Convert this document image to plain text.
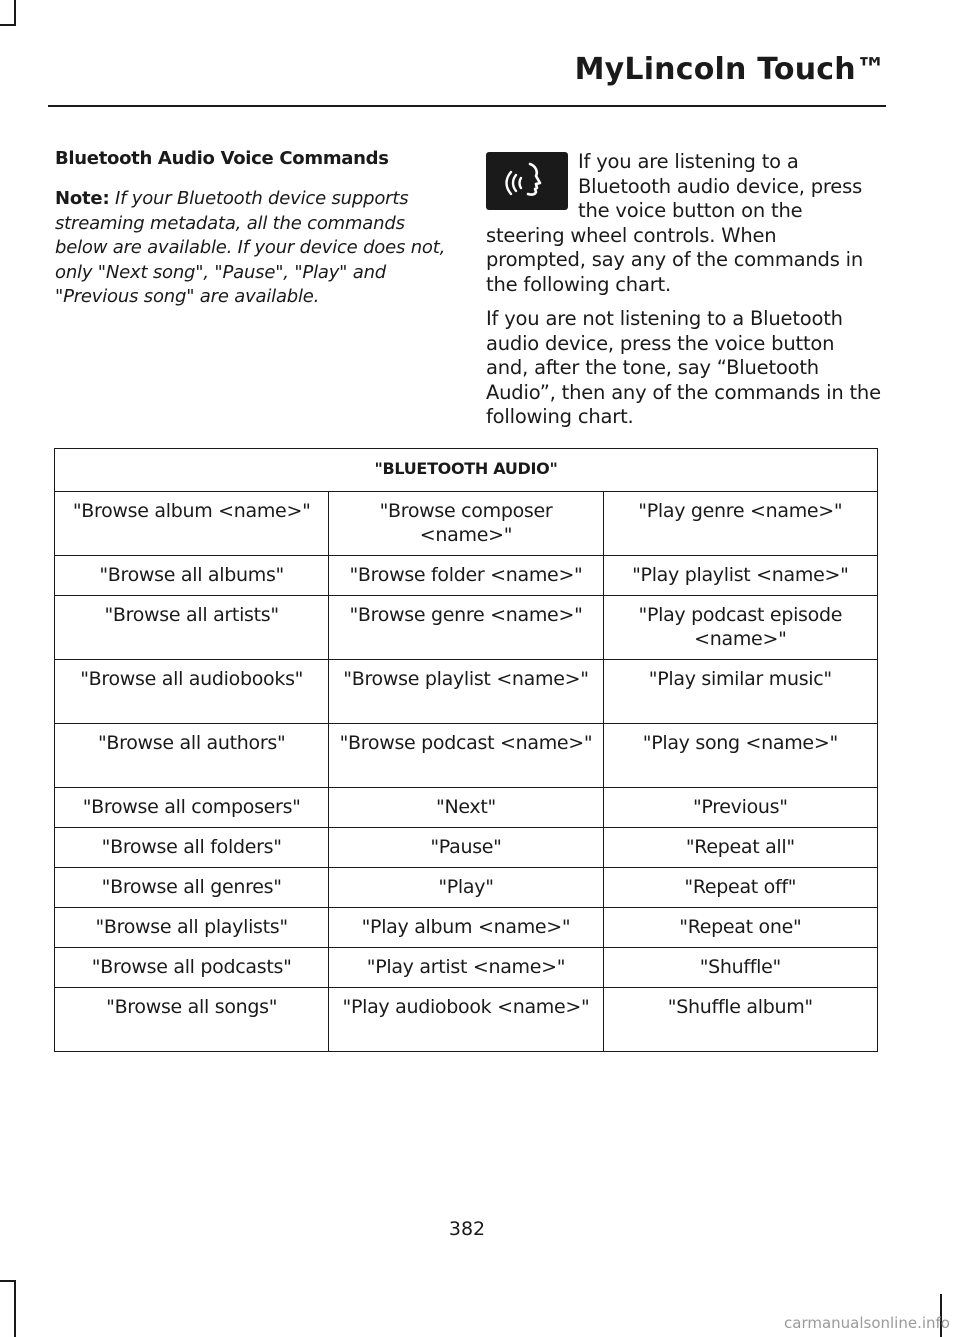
MyLincoln Touch™
Bluetooth Audio Voice Commands

Note: If your Bluetooth device supports streaming metadata, all the commands below are available. If your device does not, only "Next song", "Pause", "Play" and "Previous song" are available.

If you are listening to a Bluetooth audio device, press the voice button on the steering wheel controls. When prompted, say any of the commands in the following chart.

If you are not listening to a Bluetooth audio device, press the voice button and, after the tone, say “Bluetooth Audio”, then any of the commands in the following chart.

"BLUETOOTH AUDIO"		
"Browse album <name>"	"Browse composer <name>"	"Play genre <name>"
"Browse all albums"	"Browse folder <name>"	"Play playlist <name>"
"Browse all artists"	"Browse genre <name>"	"Play podcast episode <name>"
"Browse all audiobooks"	"Browse playlist <name>"	"Play similar music"
"Browse all authors"	"Browse podcast <name>"	"Play song <name>"
"Browse all composers"	"Next"	"Previous"
"Browse all folders"	"Pause"	"Repeat all"
"Browse all genres"	"Play"	"Repeat off"
"Browse all playlists"	"Play album <name>"	"Repeat one"
"Browse all podcasts"	"Play artist <name>"	"Shuffle"
"Browse all songs"	"Play audiobook <name>"	"Shuffle album"
382
carmanualsonline.info
